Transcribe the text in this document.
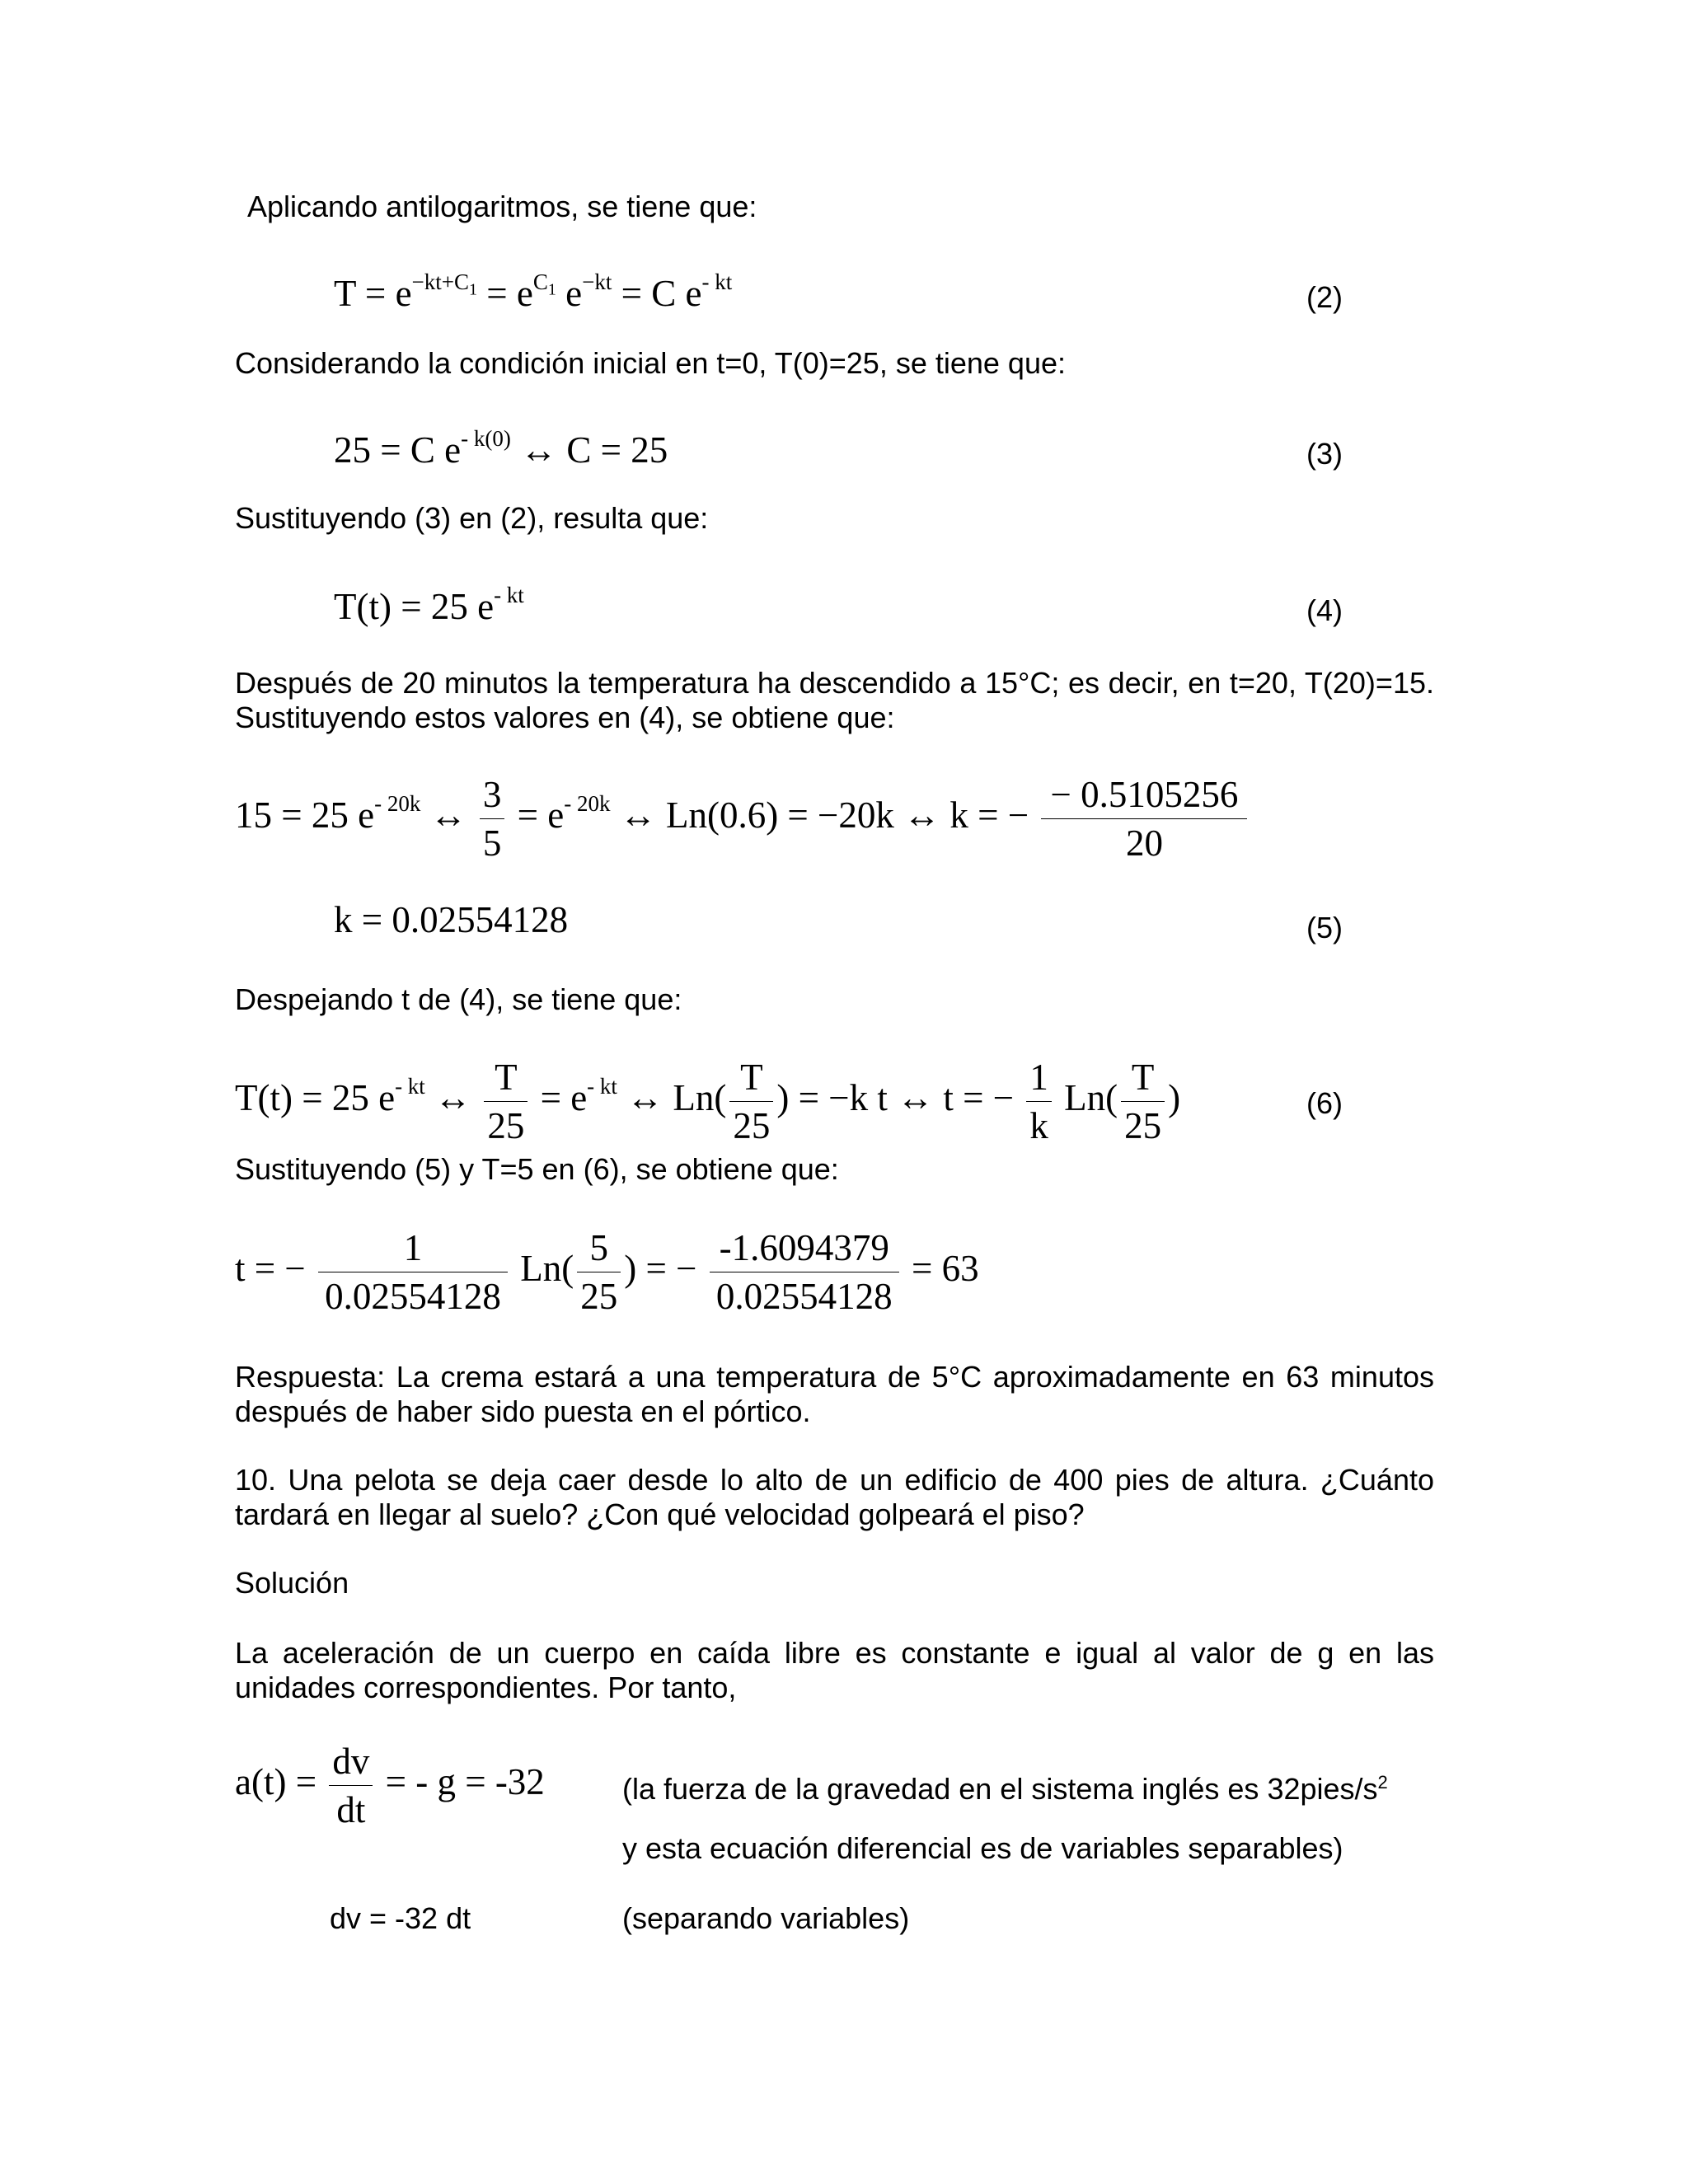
Aplicando antilogaritmos, se tiene que:

$T = e^{-kt+C_1} = e^{C_1}$ $e^{-kt} = C$ $e^{- kt}$	(2)

Considerando la condición inicial en t=0, T(0)=25, se tiene que:

25 = C $e^{- k(0)}$ ↔ C = 25	(3)

Sustituyendo (3) en (2), resulta que:

T(t) = 25 $e^{- kt}$	(4)

Después de 20 minutos la temperatura ha descendido a 15°C; es decir, en t=20, T(20)=15. Sustituyendo estos valores en (4), se obtiene que:

15 = 25 $e^{- 20k}$ ↔ $\frac{3}{5} = e^{- 20k}$ ↔ Ln(0.6) = −20k ↔ k = − $\frac{- 0.5105256}{20}$
k = 0.02554128	(5)

Despejando t de (4), se tiene que:

T(t) = 25 $e^{- kt}$ ↔ $\frac{T}{25} = e^{- kt}$ ↔ $Ln( \frac{T}{25}$ ) = −k t ↔ t = − $\frac{1}{k} Ln( \frac{T}{25}$ )	(6)

Sustituyendo (5) y T=5 en (6), se obtiene que:

t = − $\frac{1}{0.02554128} Ln( \frac{5}{25}$ ) = − $\frac{-1.6094379}{0.02554128} = 63$

Respuesta: La crema estará a una temperatura de 5°C aproximadamente en 63 minutos después de haber sido puesta en el pórtico.

10. Una pelota se deja caer desde lo alto de un edificio de 400 pies de altura. ¿Cuánto tardará en llegar al suelo? ¿Con qué velocidad golpeará el piso?

Solución

La aceleración de un cuerpo en caída libre es constante e igual al valor de g en las unidades correspondientes. Por tanto,

$a(t) = \frac{dv}{dt}$ = - g = -32	(la fuerza de la gravedad en el sistema inglés es $32pies/s^2$
y esta ecuación diferencial es de variables separables)
dv = -32 dt	(separando variables)
